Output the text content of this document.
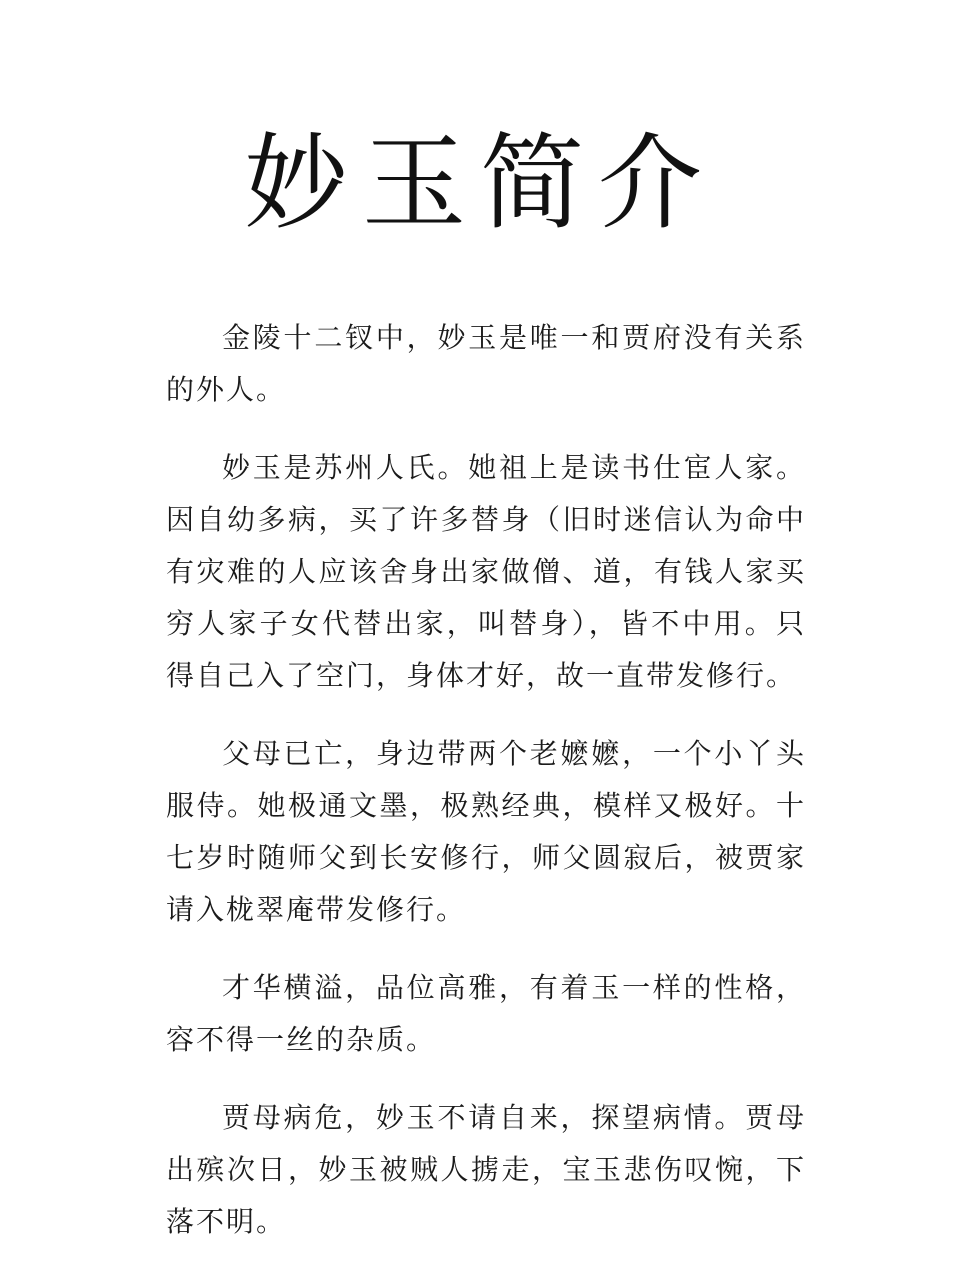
妙玉简介

金陵十二钗中，妙玉是唯一和贾府没有关系的外人。

妙玉是苏州人氏。她祖上是读书仕宦人家。因自幼多病，买了许多替身（旧时迷信认为命中有灾难的人应该舍身出家做僧、道，有钱人家买穷人家子女代替出家，叫替身），皆不中用。只得自己入了空门，身体才好，故一直带发修行。

父母已亡，身边带两个老嬷嬷，一个小丫头服侍。她极通文墨，极熟经典，模样又极好。十七岁时随师父到长安修行，师父圆寂后，被贾家请入栊翠庵带发修行。

才华横溢，品位高雅，有着玉一样的性格，容不得一丝的杂质。

贾母病危，妙玉不请自来，探望病情。贾母出殡次日，妙玉被贼人掳走，宝玉悲伤叹惋，下落不明。
